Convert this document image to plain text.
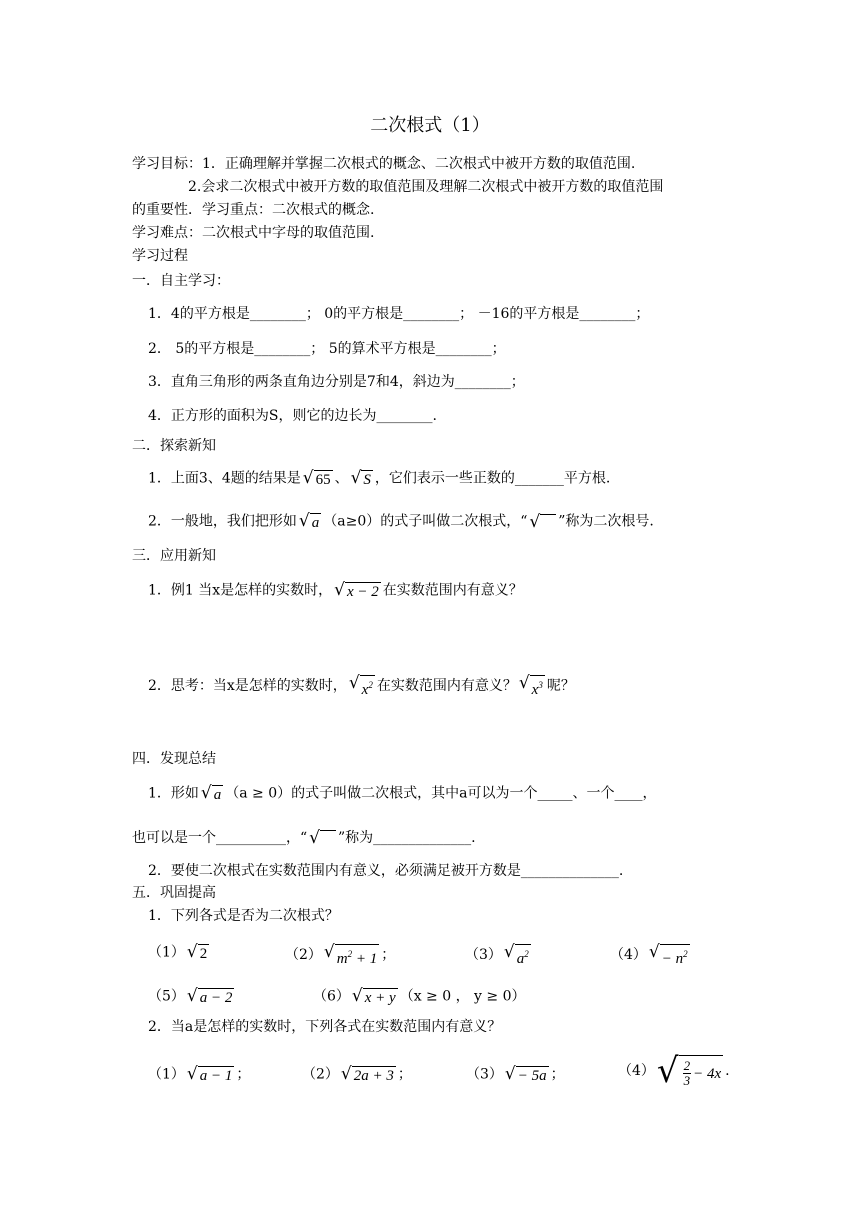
二次根式（1）
学习目标：1．正确理解并掌握二次根式的概念、二次根式中被开方数的取值范围.
2.会求二次根式中被开方数的取值范围及理解二次根式中被开方数的取值范围
的重要性．学习重点：二次根式的概念.
学习难点：二次根式中字母的取值范围.
学习过程
一．自主学习：
1．4的平方根是________； 0的平方根是________； －16的平方根是________；
2． 5的平方根是________； 5的算术平方根是________；
3．直角三角形的两条直角边分别是7和4，斜边为________；
4．正方形的面积为S，则它的边长为________.
二．探索新知
1．上面3、4题的结果是 √ 65 、 √ S ，它们表示一些正数的_______平方根.
2．一般地，我们把形如 √ a （a≥0）的式子叫做二次根式，“ √ ”称为二次根号.
三．应用新知
1．例1 当x是怎样的实数时， √ x − 2 在实数范围内有意义？
2．思考：当x是怎样的实数时， √ $x^2$ 在实数范围内有意义？ √ $x^3$ 呢？
四．发现总结
1．形如 √ a （a ≥ 0）的式子叫做二次根式，其中a可以为一个_____、一个____，
也可以是一个__________，“ √ ”称为______________.
2．要使二次根式在实数范围内有意义，必须满足被开方数是______________.
五．巩固提高
1．下列各式是否为二次根式？
（1） √ 2	（2） √ $m^2 + 1$ ；	（3） √ $a^2$	（4） √ − $n^2$
（5） √ a − 2	（6） √ x + y （x ≥ 0 ， y ≥ 0）
2．当a是怎样的实数时，下列各式在实数范围内有意义？
（1） √ a − 1 ；	（2） √ 2a + 3 ；	（3） √ − 5a ；	（4） √ $\frac{2}{3} - 4x$ .
